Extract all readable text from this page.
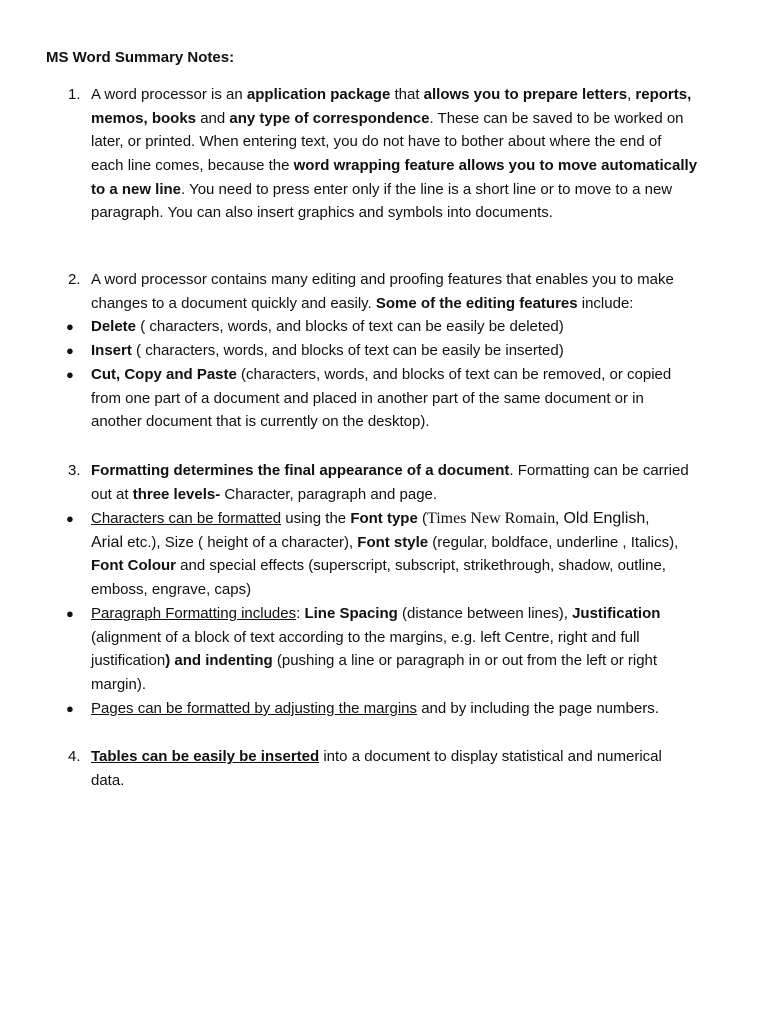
MS Word Summary Notes:
1. A word processor is an application package that allows you to prepare letters, reports,
memos, books and any type of correspondence. These can be saved to be worked on
later, or printed. When entering text, you do not have to bother about where the end of
each line comes, because the word wrapping feature allows you to move automatically
to a new line. You need to press enter only if the line is a short line or to move to a new
paragraph. You can also insert graphics and symbols into documents.
2. A word processor contains many editing and proofing features that enables you to make
changes to a document quickly and easily. Some of the editing features include:
● Delete ( characters, words, and blocks of text can be easily be deleted)
● Insert ( characters, words, and blocks of text can be easily be inserted)
● Cut, Copy and Paste (characters, words, and blocks of text can be removed, or copied
from one part of a document and placed in another part of the same document or in
another document that is currently on the desktop).
3. Formatting determines the final appearance of a document. Formatting can be carried
out at three levels- Character, paragraph and page.
● Characters can be formatted using the Font type (Times New Romain, Old English,
Arial etc.), Size ( height of a character), Font style (regular, boldface, underline , Italics),
Font Colour and special effects (superscript, subscript, strikethrough, shadow, outline,
emboss, engrave, caps)
● Paragraph Formatting includes: Line Spacing (distance between lines), Justification
(alignment of a block of text according to the margins, e.g. left Centre, right and full
justification) and indenting (pushing a line or paragraph in or out from the left or right
margin).
● Pages can be formatted by adjusting the margins and by including the page numbers.
4. Tables can be easily be inserted into a document to display statistical and numerical
data.
